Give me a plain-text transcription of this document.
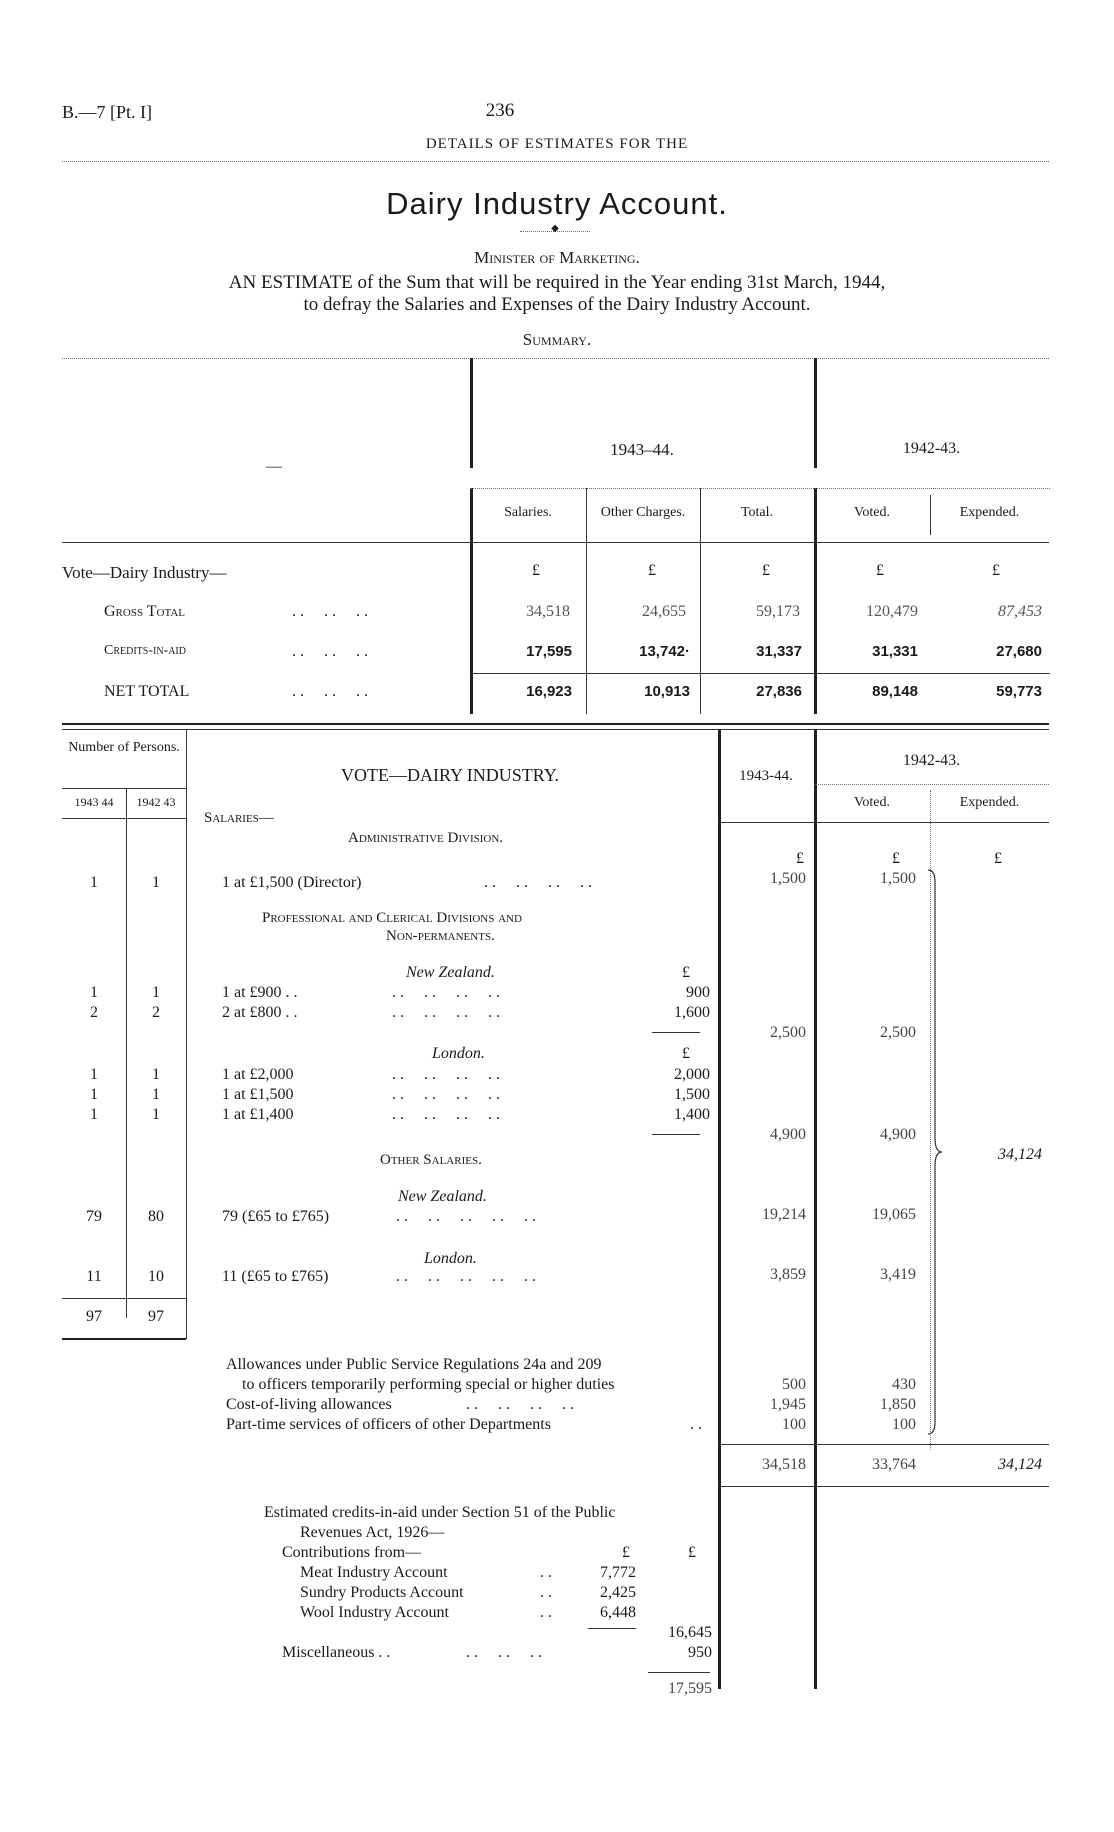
B.—7 [Pt. I]	236
DETAILS OF ESTIMATES FOR THE
Dairy Industry Account.
◆
Minister of Marketing.
AN ESTIMATE of the Sum that will be required in the Year ending 31st March, 1944,
to defray the Salaries and Expenses of the Dairy Industry Account.
Summary.
—
1943–44.	1942-43.
Salaries.	Other Charges.	Total.	Voted.	Expended.
Vote—Dairy Industry—	£	£	£	£	£
Gross Total	. .     . .     . .	34,518	24,655	59,173	120,479	87,453
Credits-in-aid	. .     . .     . .	17,595	13,742·	31,337	31,331	27,680
NET TOTAL	. .     . .     . .	16,923	10,913	27,836	89,148	59,773
Number of Persons.
1943 44	1942 43
VOTE—DAIRY INDUSTRY.	1943-44.
1942-43.
Voted.	Expended.
Salaries—
Administrative Division.
£	£	£
1	1	1 at £1,500 (Director)	. .     . .     . .     . .	1,500	1,500
Professional and Clerical Divisions and
Non-permanents.
New Zealand.	£
1	1	1 at £900 . .	. .     . .     . .     . .	900
2	2	2 at £800 . .	. .     . .     . .     . .	1,600
2,500	2,500
London.	£
1	1	1 at £2,000	. .     . .     . .     . .	2,000
1	1	1 at £1,500	. .     . .     . .     . .	1,500
1	1	1 at £1,400	. .     . .     . .     . .	1,400
4,900	4,900
Other Salaries.	34,124
New Zealand.
79	80	79 (£65 to £765)	. .     . .     . .     . .     . .	19,214	19,065
London.
11	10	11 (£65 to £765)	. .     . .     . .     . .     . .	3,859	3,419
97	97
Allowances under Public Service Regulations 24a and 209
to officers temporarily performing special or higher duties	500	430
Cost-of-living allowances	. .     . .     . .     . .	1,945	1,850
Part-time services of officers of other Departments	. .	100	100
34,518	33,764	34,124
Estimated credits-in-aid under Section 51 of the Public
Revenues Act, 1926—
Contributions from—	£	£
Meat Industry Account	. .	7,772
Sundry Products Account	. .	2,425
Wool Industry Account	. .	6,448
16,645
Miscellaneous . .	. .     . .     . .	950
17,595
